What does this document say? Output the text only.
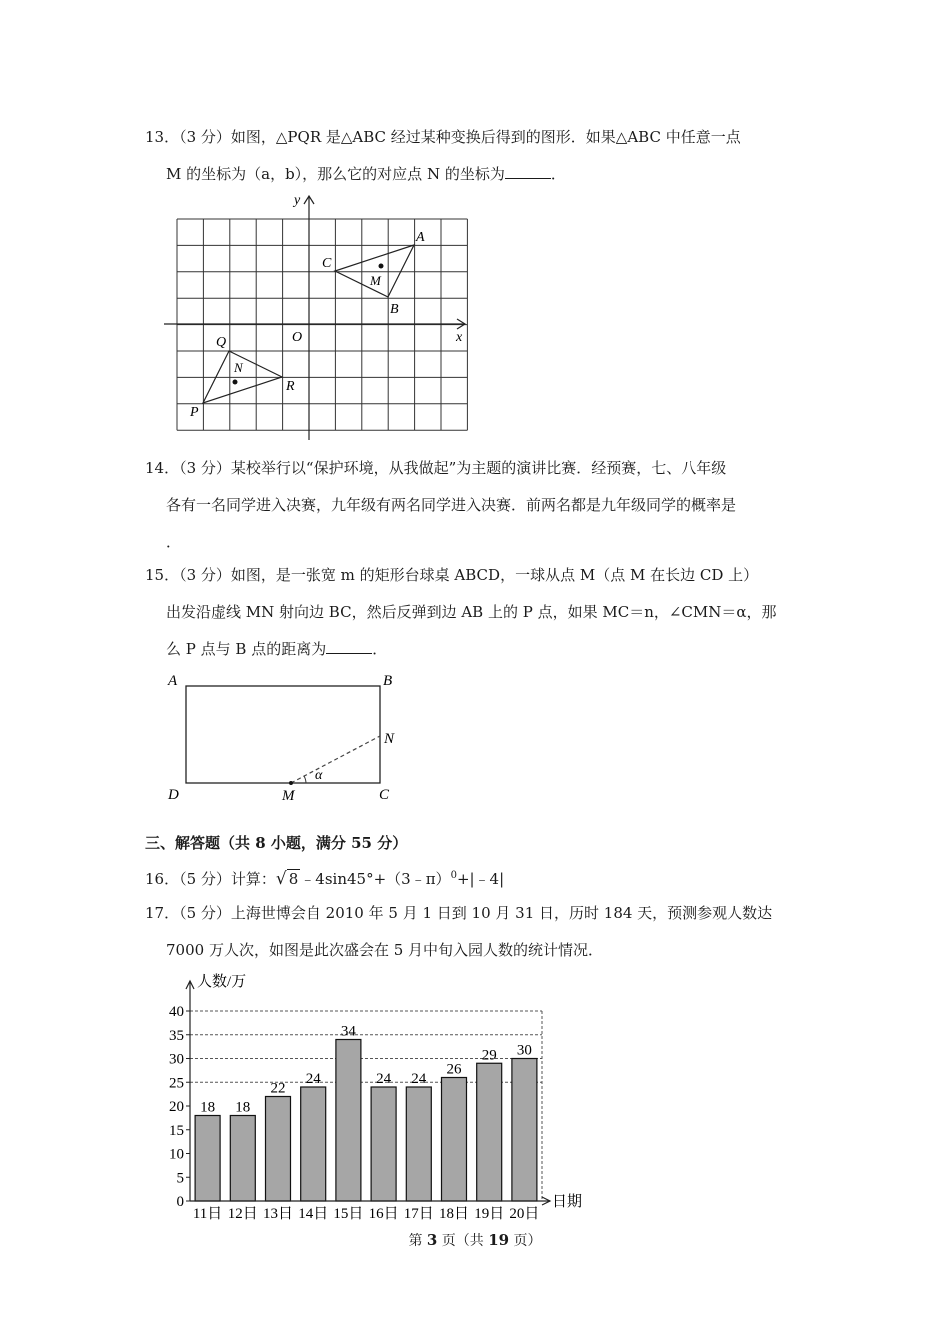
13．（3 分）如图，△PQR 是△ABC 经过某种变换后得到的图形．如果△ABC 中任意一点
M 的坐标为（a，b），那么它的对应点 N 的坐标为	．
y
x
O
A
C
M
B
Q
N
R
P
14．（3 分）某校举行以“保护环境，从我做起”为主题的演讲比赛．经预赛，七、八年级
各有一名同学进入决赛，九年级有两名同学进入决赛．前两名都是九年级同学的概率是
．
15．（3 分）如图，是一张宽 m 的矩形台球桌 ABCD，一球从点 M（点 M 在长边 CD 上）
出发沿虚线 MN 射向边 BC，然后反弹到边 AB 上的 P 点，如果 MC＝n，∠CMN＝α，那
么 P 点与 B 点的距离为	．
A	B
N
α
D	M	C
三、解答题（共 8 小题，满分 55 分）
16．（5 分）计算：√ 8 ﹣4sin45°+（3﹣π）$^0$+|﹣4|
17．（5 分）上海世博会自 2010 年 5 月 1 日到 10 月 31 日，历时 184 天，预测参观人数达
7000 万人次，如图是此次盛会在 5 月中旬入园人数的统计情况．
0
5
10
15
20
25
30
35
40
11日 12日 13日 14日 15日 16日 17日 18日 19日 20日
18 18
22
24
34
24 24
26
29 30
人数/万
日期
第 3 页（共 19 页）
